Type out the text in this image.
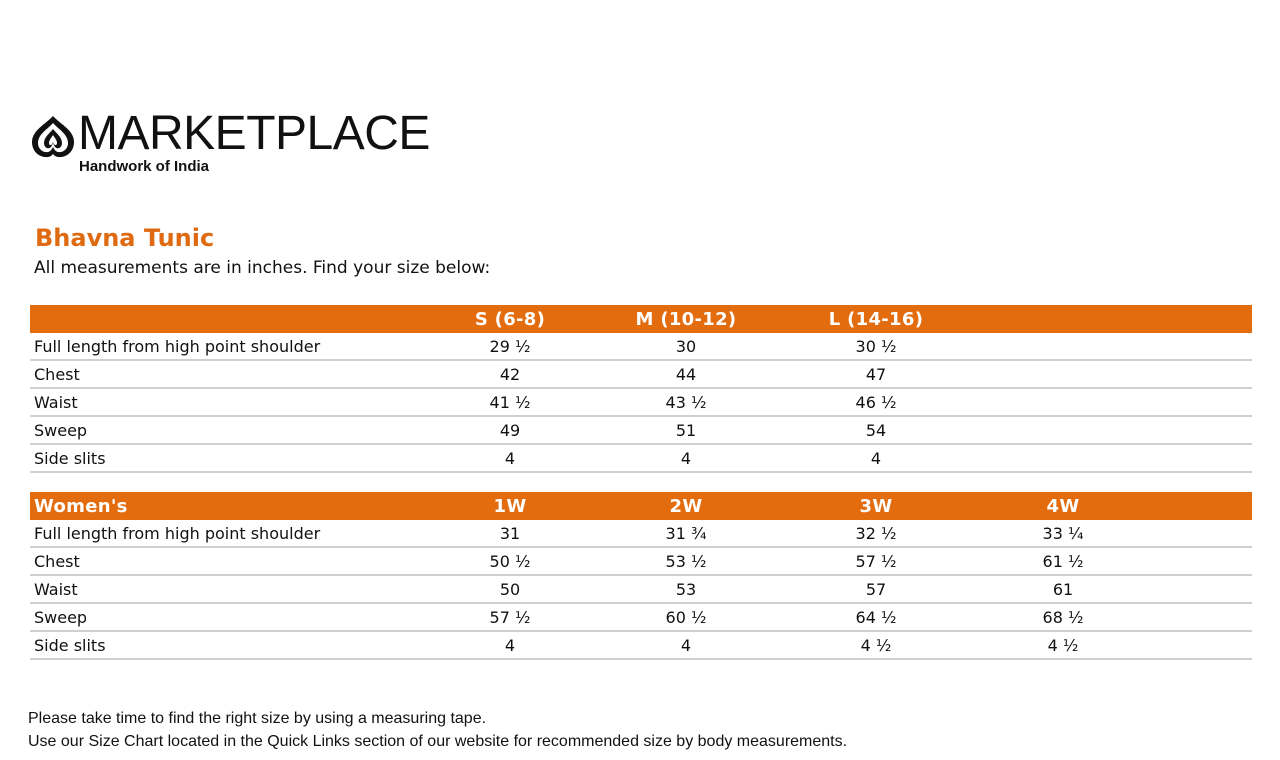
MARKETPLACE
Handwork of India
Bhavna Tunic
All measurements are in inches. Find your size below:
	S (6-8)	M (10-12)	L (14-16)		
Full length from high point shoulder	29 ½	30	30 ½		
Chest	42	44	47		
Waist	41 ½	43 ½	46 ½		
Sweep	49	51	54		
Side slits	4	4	4		
Women's	1W	2W	3W	4W	
Full length from high point shoulder	31	31 ¾	32 ½	33 ¼	
Chest	50 ½	53 ½	57 ½	61 ½	
Waist	50	53	57	61	
Sweep	57 ½	60 ½	64 ½	68 ½	
Side slits	4	4	4 ½	4 ½	
Please take time to find the right size by using a measuring tape.
Use our Size Chart located in the Quick Links section of our website for recommended size by body measurements.
